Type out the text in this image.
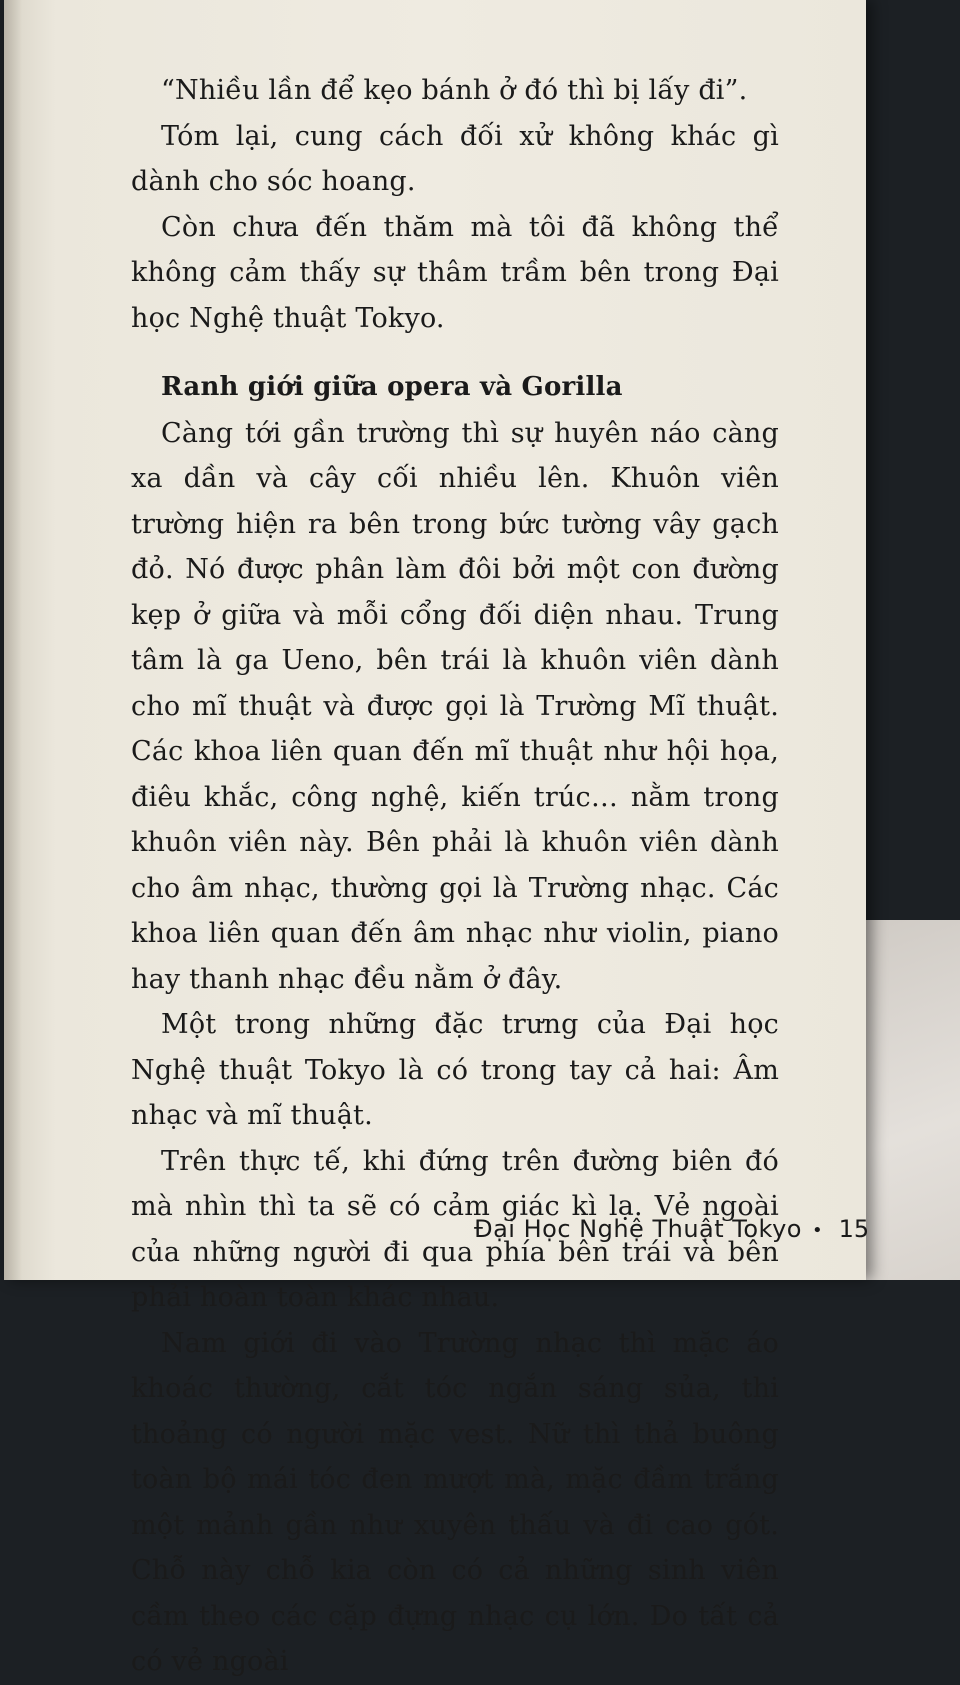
“Nhiều lần để kẹo bánh ở đó thì bị lấy đi”.

Tóm lại, cung cách đối xử không khác gì dành cho sóc hoang.

Còn chưa đến thăm mà tôi đã không thể không cảm thấy sự thâm trầm bên trong Đại học Nghệ thuật Tokyo.

Ranh giới giữa opera và Gorilla

Càng tới gần trường thì sự huyên náo càng xa dần và cây cối nhiều lên. Khuôn viên trường hiện ra bên trong bức tường vây gạch đỏ. Nó được phân làm đôi bởi một con đường kẹp ở giữa và mỗi cổng đối diện nhau. Trung tâm là ga Ueno, bên trái là khuôn viên dành cho mĩ thuật và được gọi là Trường Mĩ thuật. Các khoa liên quan đến mĩ thuật như hội họa, điêu khắc, công nghệ, kiến trúc… nằm trong khuôn viên này. Bên phải là khuôn viên dành cho âm nhạc, thường gọi là Trường nhạc. Các khoa liên quan đến âm nhạc như violin, piano hay thanh nhạc đều nằm ở đây.

Một trong những đặc trưng của Đại học Nghệ thuật Tokyo là có trong tay cả hai: Âm nhạc và mĩ thuật.

Trên thực tế, khi đứng trên đường biên đó mà nhìn thì ta sẽ có cảm giác kì lạ. Vẻ ngoài của những người đi qua phía bên trái và bên phải hoàn toàn khác nhau.

Nam giới đi vào Trường nhạc thì mặc áo khoác thường, cắt tóc ngắn sáng sủa, thi thoảng có người mặc vest. Nữ thì thả buông toàn bộ mái tóc đen mượt mà, mặc đầm trắng một mảnh gần như xuyên thấu và đi cao gót. Chỗ này chỗ kia còn có cả những sinh viên cầm theo các cặp đựng nhạc cụ lớn. Do tất cả có vẻ ngoài

Đại Học Nghệ Thuật Tokyo • 15
